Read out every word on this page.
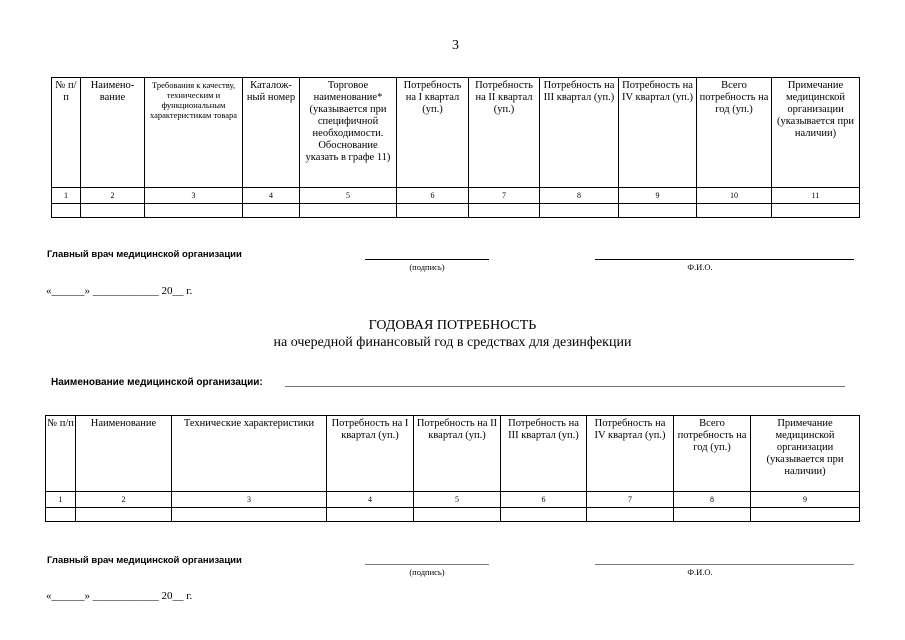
3
№ п/п	Наимено-вание	Требования к качеству, техническим и функциональным характеристикам товара	Каталож-ный номер	Торговое наименование* (указывается при специфичной необходимости. Обоснование указать в графе 11)	Потребность на I квартал (уп.)	Потребность на II квартал (уп.)	Потребность на III квартал (уп.)	Потребность на IV квартал (уп.)	Всего потребность на год (уп.)	Примечание медицинской организации (указывается при наличии)
1	2	3	4	5	6	7	8	9	10	11

Главный врач медицинской организации
(подпись)	Ф.И.О.
«______» ____________ 20__ г.
ГОДОВАЯ ПОТРЕБНОСТЬ
на очередной финансовый год в средствах для дезинфекции
Наименование медицинской организации:
№ п/п	Наименование	Технические характеристики	Потребность на I квартал (уп.)	Потребность на II квартал (уп.)	Потребность на III квартал (уп.)	Потребность на IV квартал (уп.)	Всего потребность на год (уп.)	Примечание медицинской организации (указывается при наличии)
1	2	3	4	5	6	7	8	9

Главный врач медицинской организации
(подпись)	Ф.И.О.
«______» ____________ 20__ г.
